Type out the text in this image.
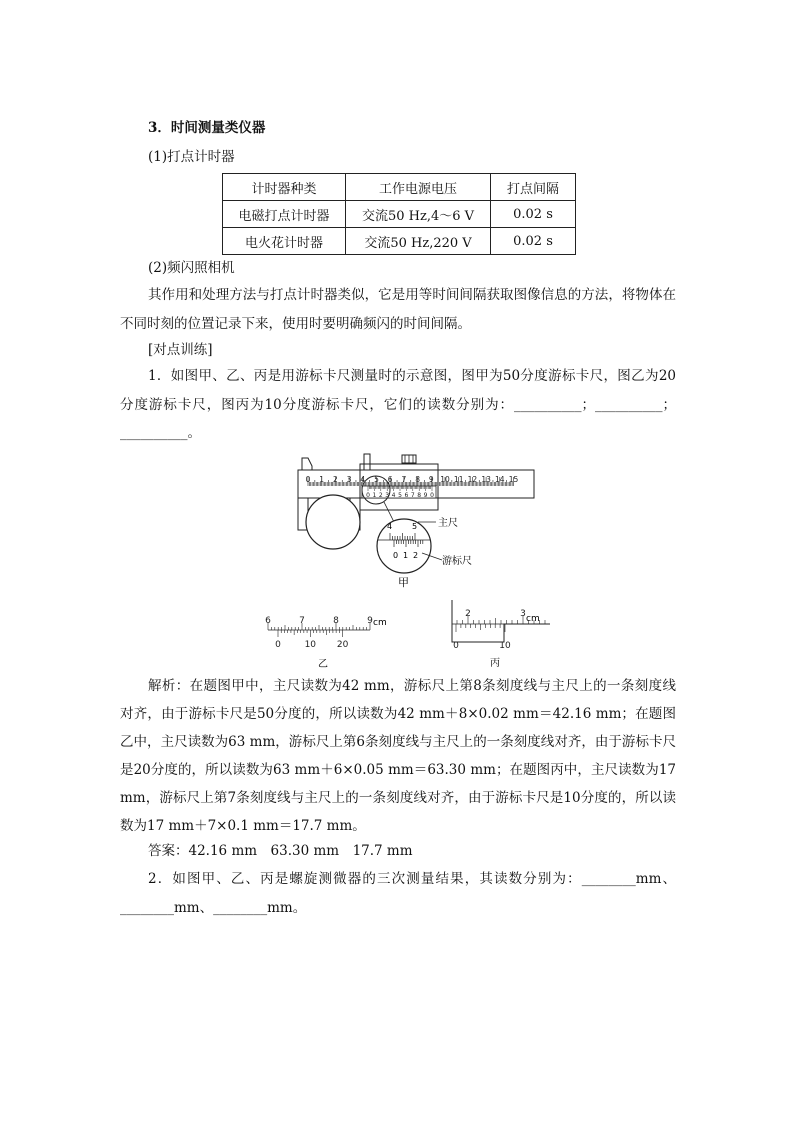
3．时间测量类仪器
(1)打点计时器
计时器种类	工作电源电压	打点间隔
电磁打点计时器	交流50 Hz,4～6 V	0.02 s
电火花计时器	交流50 Hz,220 V	0.02 s
(2)频闪照相机
其作用和处理方法与打点计时器类似，它是用等时间间隔获取图像信息的方法，将物体在不同时刻的位置记录下来，使用时要明确频闪的时间间隔。
[对点训练]
1．如图甲、乙、丙是用游标卡尺测量时的示意图，图甲为50分度游标卡尺，图乙为20分度游标卡尺，图丙为10分度游标卡尺，它们的读数分别为：__________；__________；__________。
0 1 2 3 4 5 6 7 8 9 10 11 12 13 14 15
0 1 2 3 4 5 6 7 8 9 0
4 5
0 1 2
主尺
游标尺
甲
6	7	8	9 cm
0	10 20
乙
2	3 cm
0	10
丙
解析：在题图甲中，主尺读数为42 mm，游标尺上第8条刻度线与主尺上的一条刻度线对齐，由于游标卡尺是50分度的，所以读数为42 mm＋8×0.02 mm＝42.16 mm；在题图乙中，主尺读数为63 mm，游标尺上第6条刻度线与主尺上的一条刻度线对齐，由于游标卡尺是20分度的，所以读数为63 mm＋6×0.05 mm＝63.30 mm；在题图丙中，主尺读数为17 mm，游标尺上第7条刻度线与主尺上的一条刻度线对齐，由于游标卡尺是10分度的，所以读数为17 mm＋7×0.1 mm＝17.7 mm。
答案：42.16 mm　63.30 mm　17.7 mm
2．如图甲、乙、丙是螺旋测微器的三次测量结果，其读数分别为：________mm、________mm、________mm。
